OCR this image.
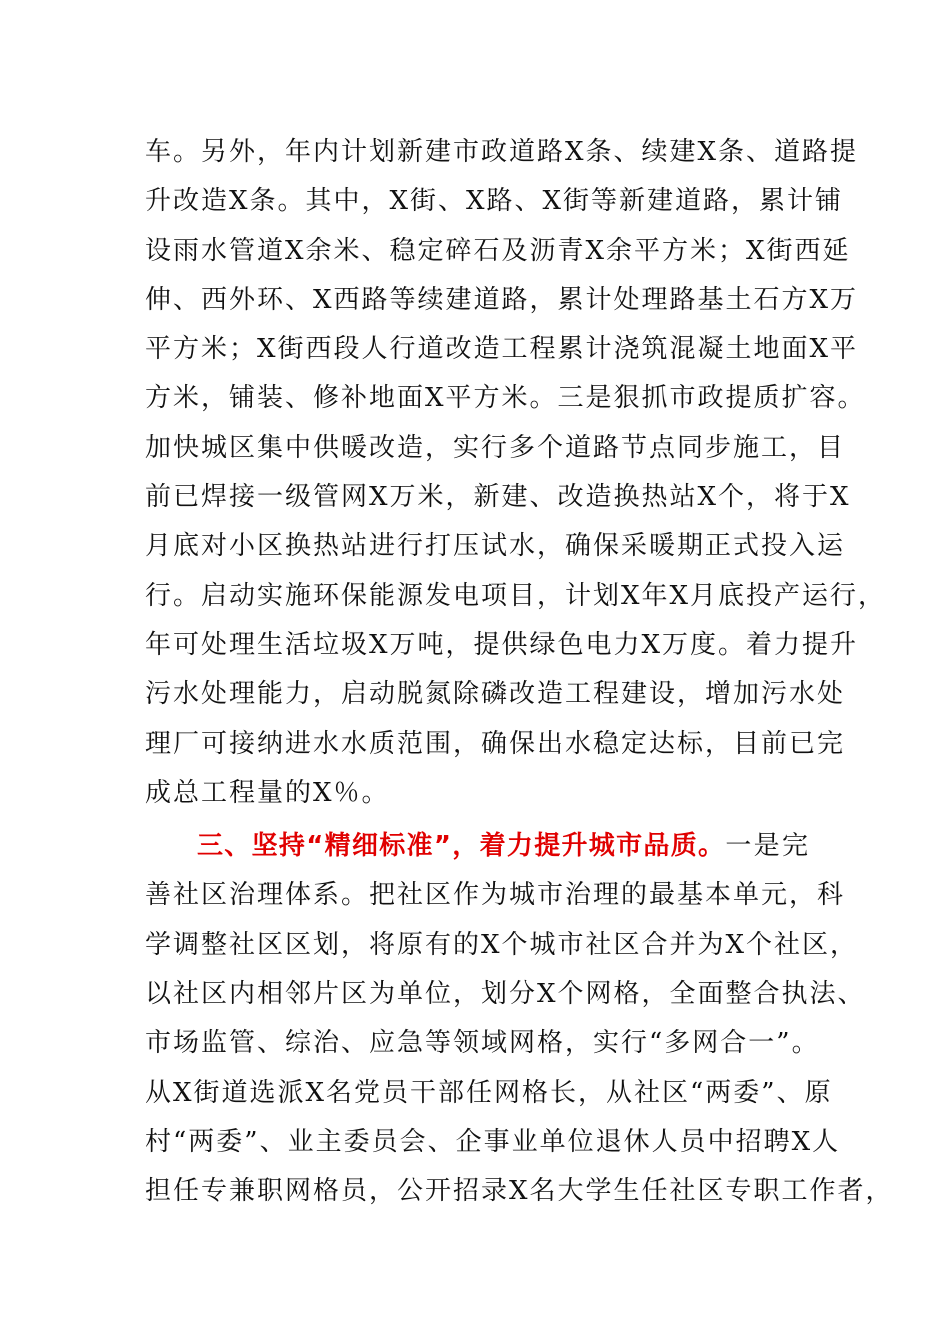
车。另外，年内计划新建市政道路X条、续建X条、道路提
升改造X条。其中，X街、X路、X街等新建道路，累计铺
设雨水管道X余米、稳定碎石及沥青X余平方米；X街西延
伸、西外环、X西路等续建道路，累计处理路基土石方X万
平方米；X街西段人行道改造工程累计浇筑混凝土地面X平
方米，铺装、修补地面X平方米。三是狠抓市政提质扩容。
加快城区集中供暖改造，实行多个道路节点同步施工，目
前已焊接一级管网X万米，新建、改造换热站X个，将于X
月底对小区换热站进行打压试水，确保采暖期正式投入运
行。启动实施环保能源发电项目，计划X年X月底投产运行，
年可处理生活垃圾X万吨，提供绿色电力X万度。着力提升
污水处理能力，启动脱氮除磷改造工程建设，增加污水处
理厂可接纳进水水质范围，确保出水稳定达标，目前已完
成总工程量的X％。
三、坚持“精细标准”，着力提升城市品质。一是完
善社区治理体系。把社区作为城市治理的最基本单元，科
学调整社区区划，将原有的X个城市社区合并为X个社区，
以社区内相邻片区为单位，划分X个网格，全面整合执法、
市场监管、综治、应急等领域网格，实行“多网合一”。
从X街道选派X名党员干部任网格长，从社区“两委”、原
村“两委”、业主委员会、企事业单位退休人员中招聘X人
担任专兼职网格员，公开招录X名大学生任社区专职工作者，
